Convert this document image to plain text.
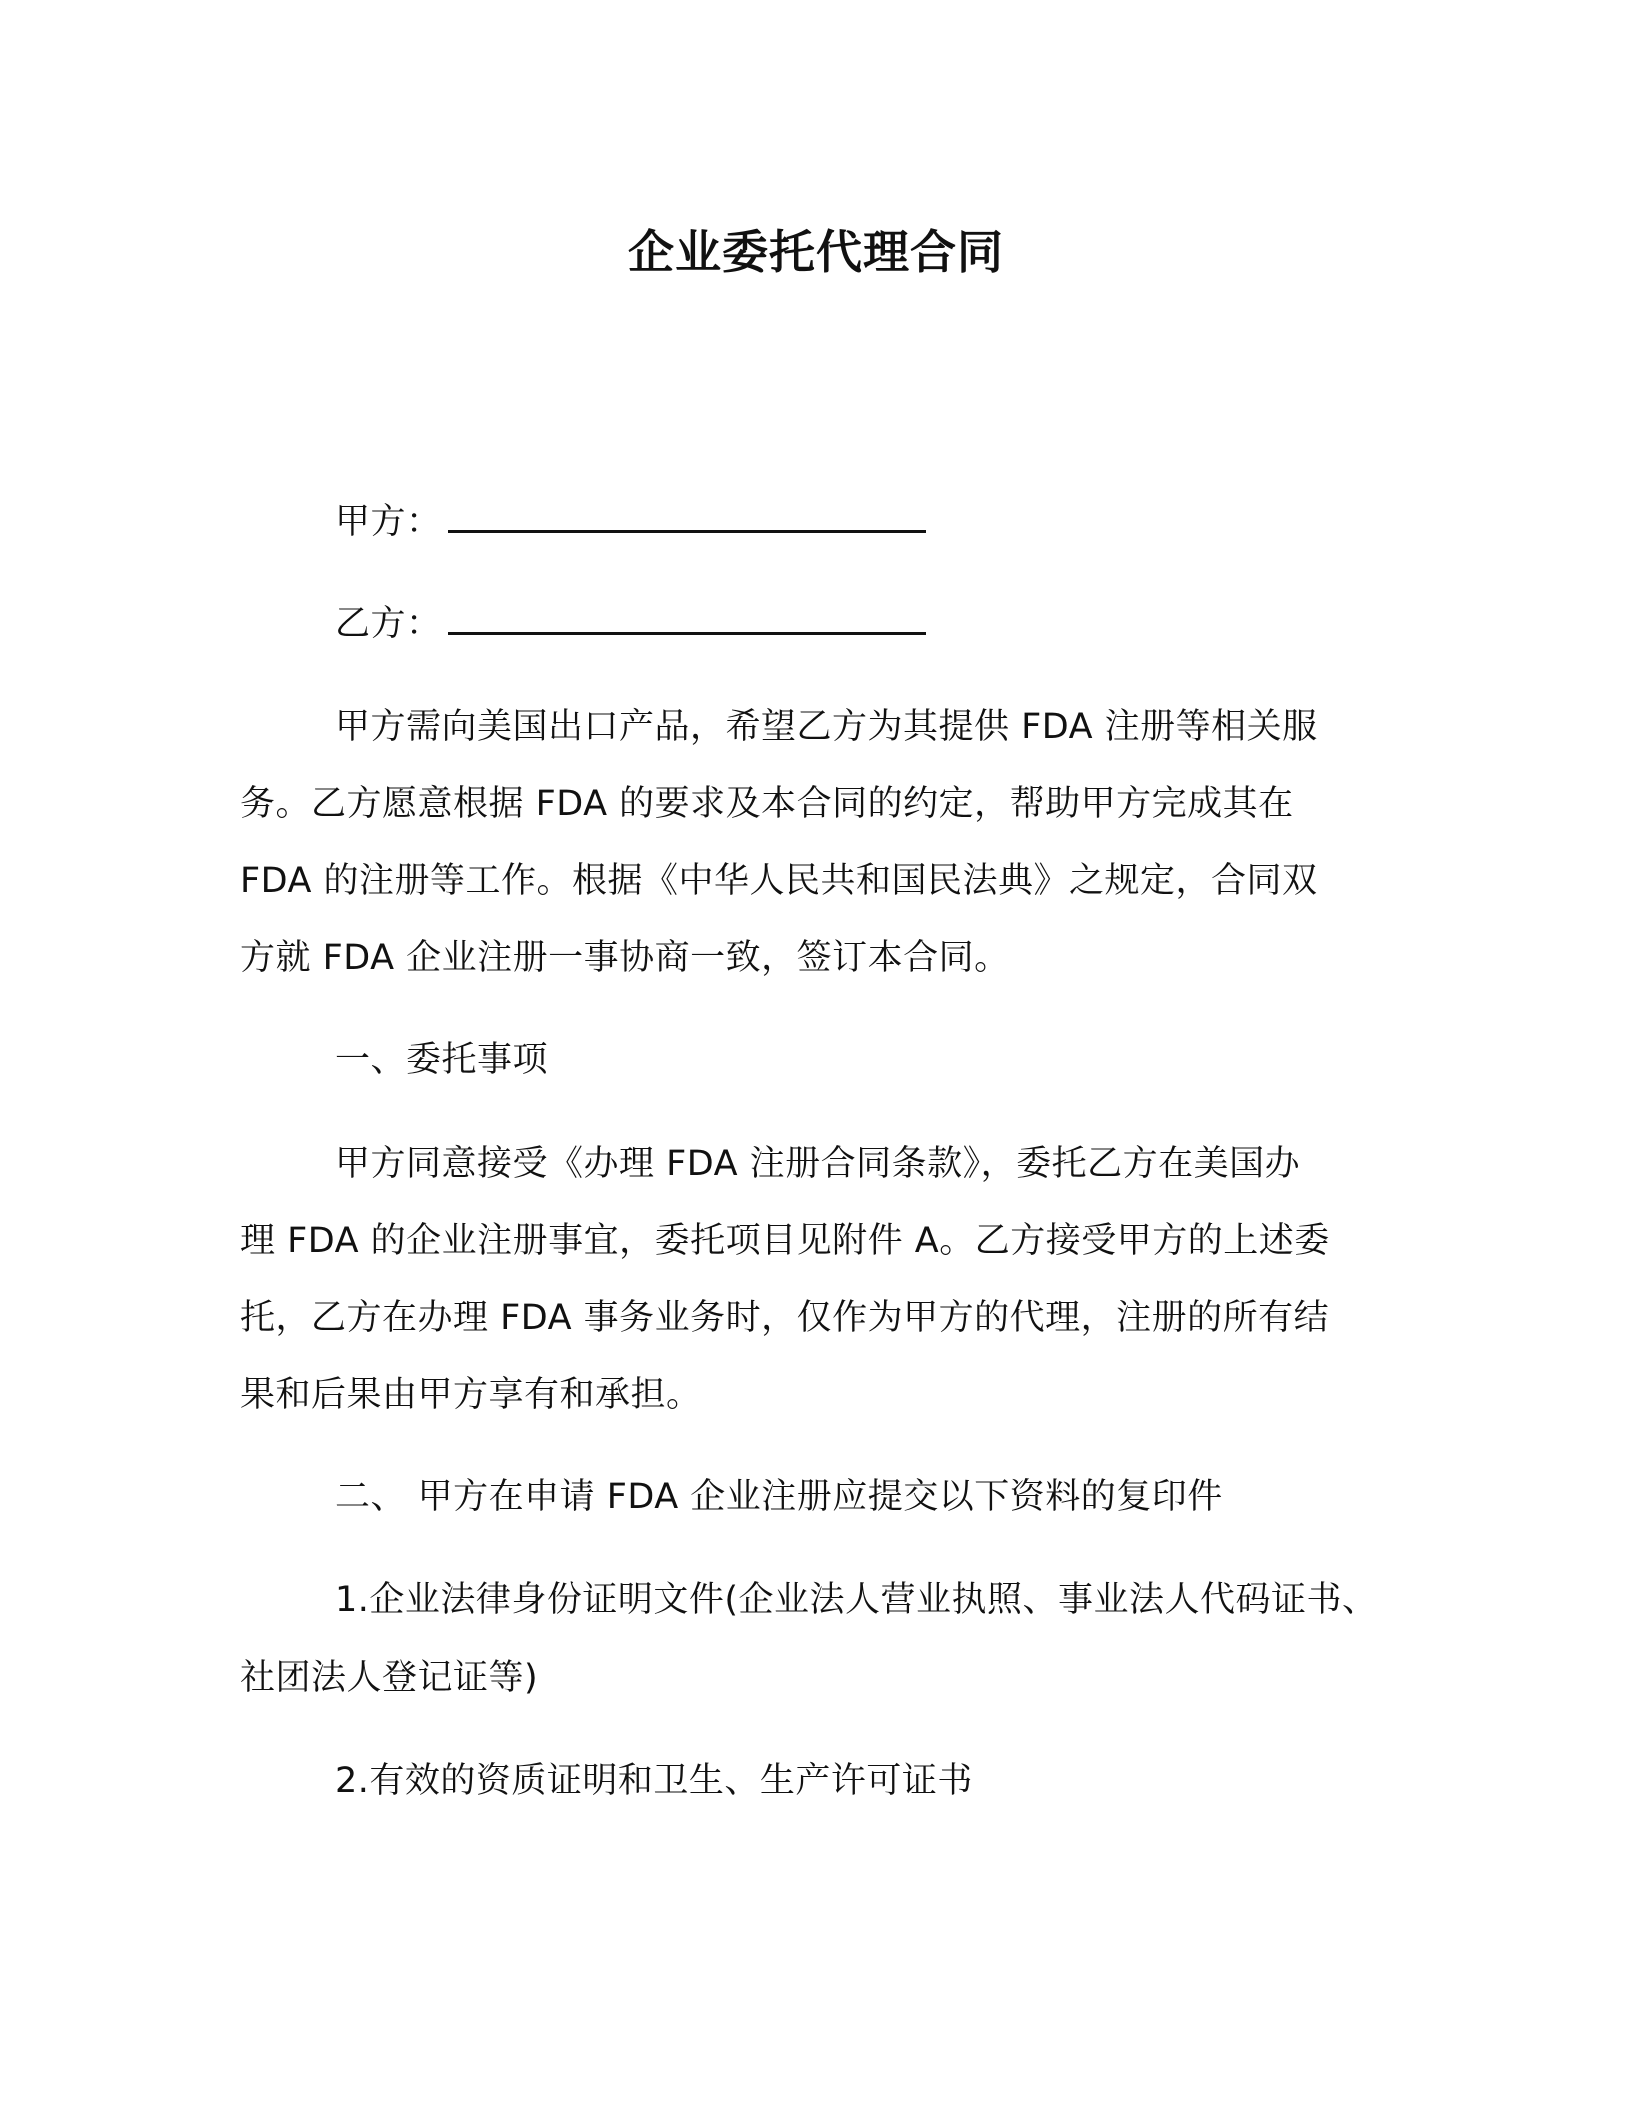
企业委托代理合同
甲方：
乙方：
甲方需向美国出口产品，希望乙方为其提供 FDA 注册等相关服
务。乙方愿意根据 FDA 的要求及本合同的约定，帮助甲方完成其在
FDA 的注册等工作。根据《中华人民共和国民法典》之规定，合同双
方就 FDA 企业注册一事协商一致，签订本合同。
一、委托事项
甲方同意接受《办理 FDA 注册合同条款》，委托乙方在美国办
理 FDA 的企业注册事宜，委托项目见附件 A。乙方接受甲方的上述委
托，乙方在办理 FDA 事务业务时，仅作为甲方的代理，注册的所有结
果和后果由甲方享有和承担。
二、 甲方在申请 FDA 企业注册应提交以下资料的复印件
1.企业法律身份证明文件(企业法人营业执照、事业法人代码证书、
社团法人登记证等)
2.有效的资质证明和卫生、生产许可证书
